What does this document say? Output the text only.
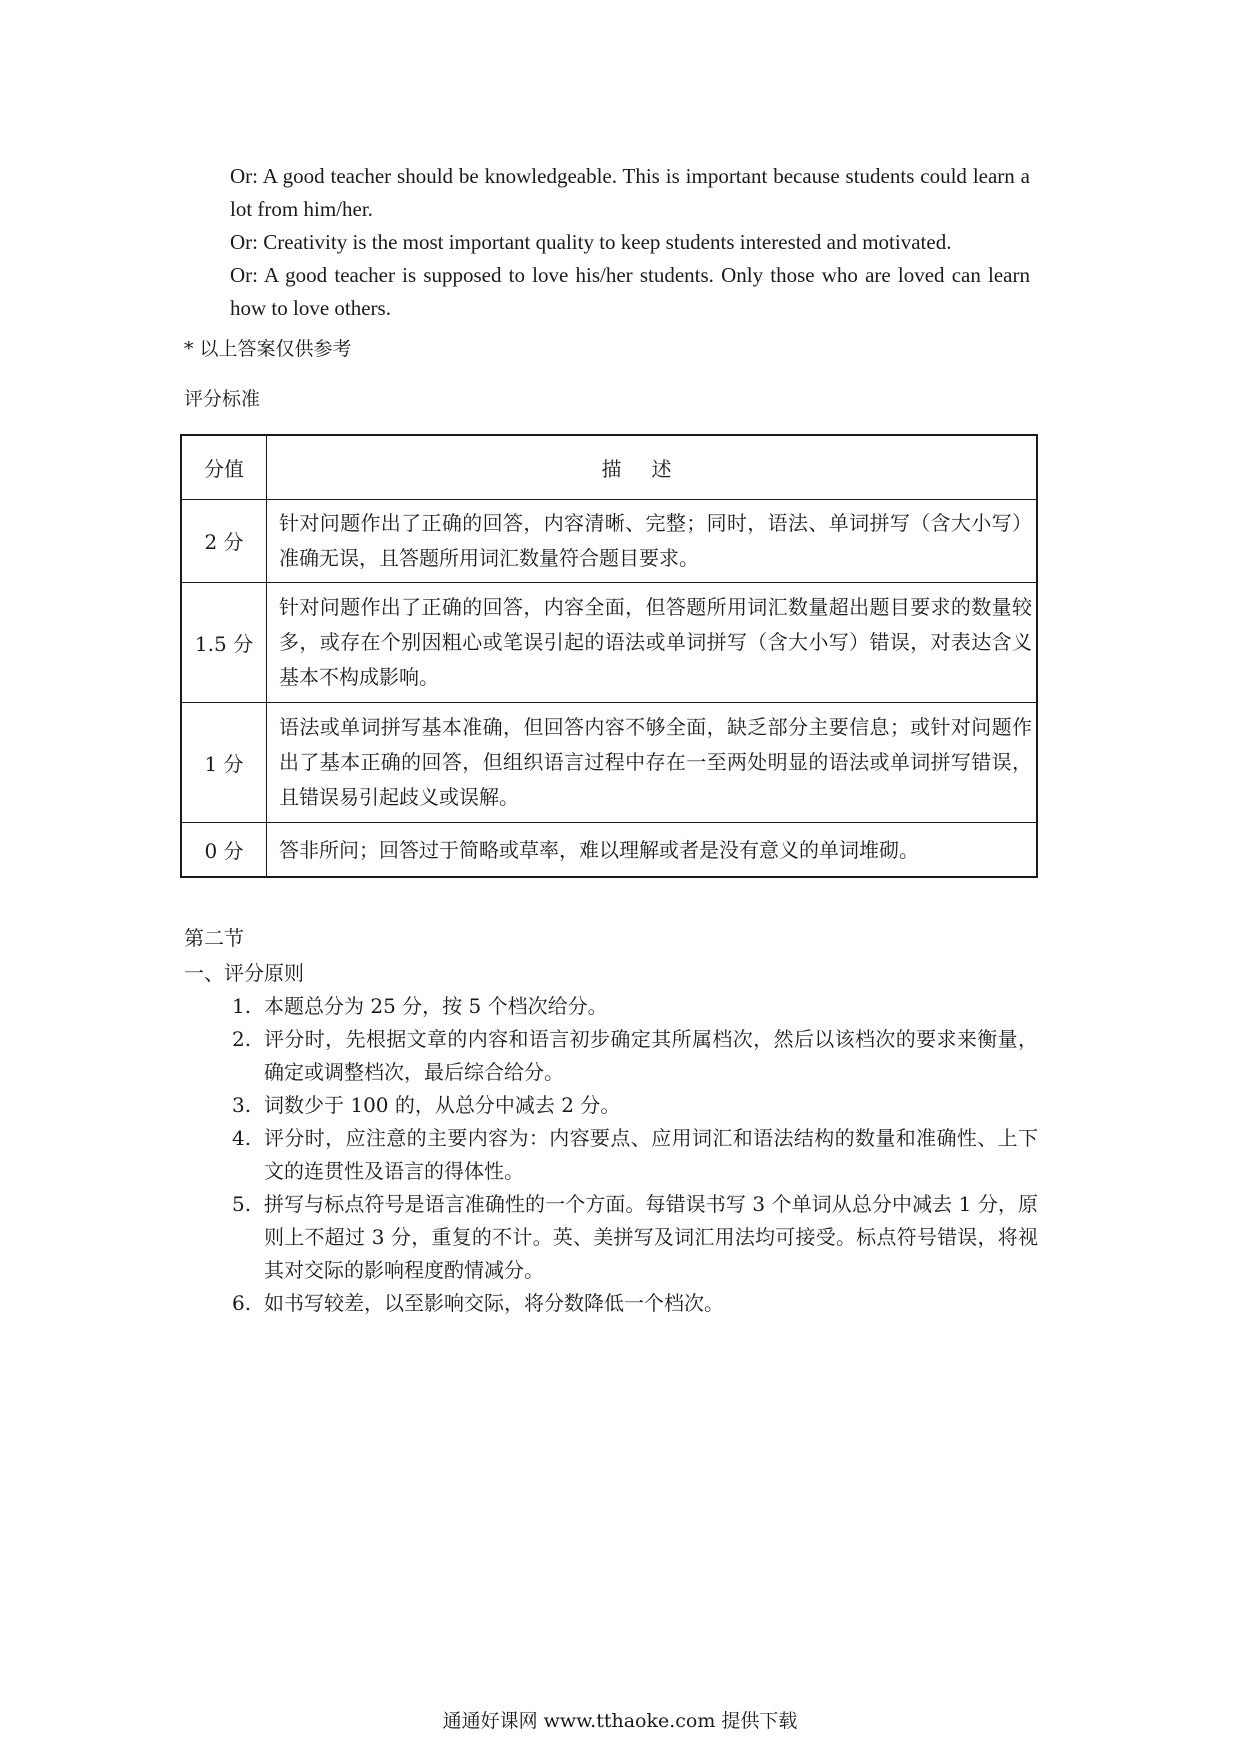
Or: A good teacher should be knowledgeable. This is important because students could learn a lot from him/her.

Or: Creativity is the most important quality to keep students interested and motivated.

Or: A good teacher is supposed to love his/her students. Only those who are loved can learn how to love others.

* 以上答案仅供参考
评分标准
分值	描述
2 分	针对问题作出了正确的回答，内容清晰、完整；同时，语法、单词拼写（含大小写）准确无误，且答题所用词汇数量符合题目要求。
1.5 分	针对问题作出了正确的回答，内容全面，但答题所用词汇数量超出题目要求的数量较多，或存在个别因粗心或笔误引起的语法或单词拼写（含大小写）错误，对表达含义基本不构成影响。
1 分	语法或单词拼写基本准确，但回答内容不够全面，缺乏部分主要信息；或针对问题作出了基本正确的回答，但组织语言过程中存在一至两处明显的语法或单词拼写错误，且错误易引起歧义或误解。
0 分	答非所问；回答过于简略或草率，难以理解或者是没有意义的单词堆砌。
第二节
一、评分原则
1. 本题总分为 25 分，按 5 个档次给分。
2. 评分时，先根据文章的内容和语言初步确定其所属档次，然后以该档次的要求来衡量，确定或调整档次，最后综合给分。
3. 词数少于 100 的，从总分中减去 2 分。
4. 评分时，应注意的主要内容为：内容要点、应用词汇和语法结构的数量和准确性、上下文的连贯性及语言的得体性。
5. 拼写与标点符号是语言准确性的一个方面。每错误书写 3 个单词从总分中减去 1 分，原则上不超过 3 分，重复的不计。英、美拼写及词汇用法均可接受。标点符号错误，将视其对交际的影响程度酌情减分。
6. 如书写较差，以至影响交际，将分数降低一个档次。
通通好课网 www.tthaoke.com 提供下载
